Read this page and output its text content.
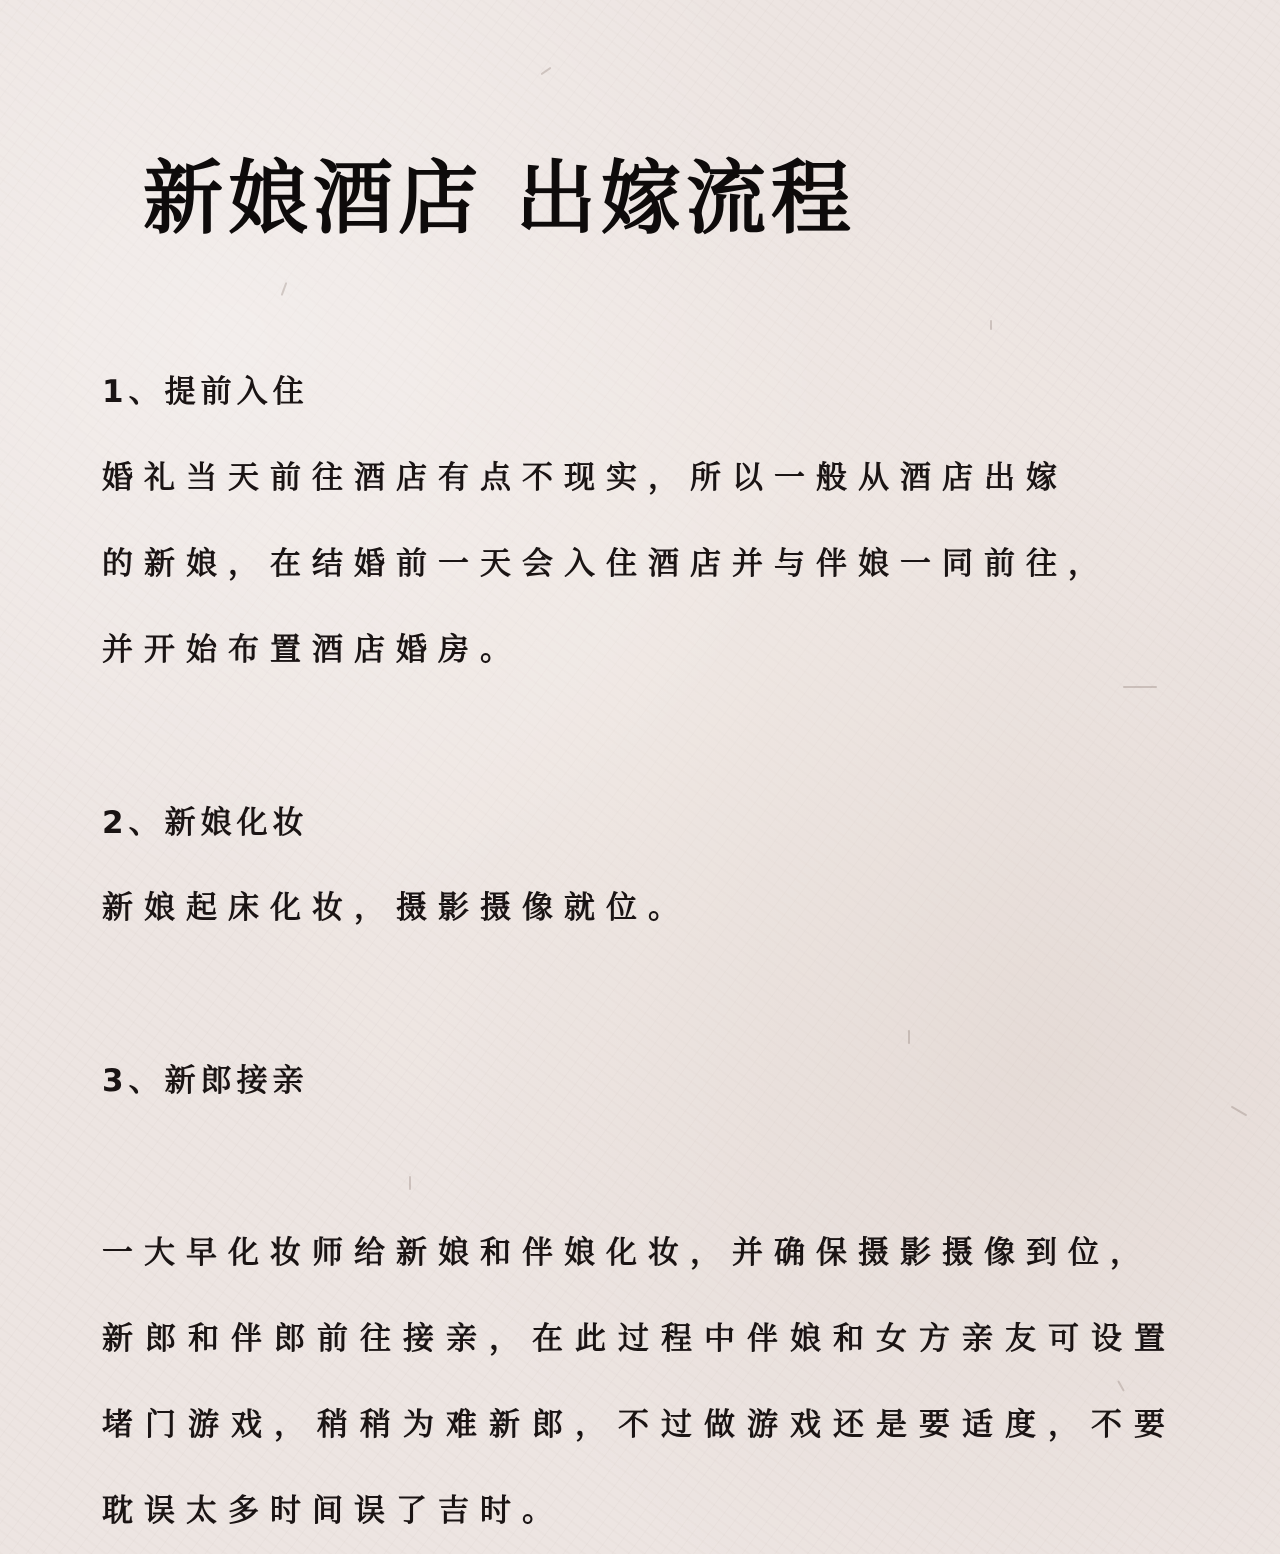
新娘酒店 出嫁流程

1、提前入住

婚礼当天前往酒店有点不现实，所以一般从酒店出嫁

的新娘，在结婚前一天会入住酒店并与伴娘一同前往，

并开始布置酒店婚房。

2、新娘化妆

新娘起床化妆，摄影摄像就位。

3、新郎接亲

一大早化妆师给新娘和伴娘化妆，并确保摄影摄像到位，

新郎和伴郎前往接亲，在此过程中伴娘和女方亲友可设置

堵门游戏，稍稍为难新郎，不过做游戏还是要适度，不要

耽误太多时间误了吉时。
